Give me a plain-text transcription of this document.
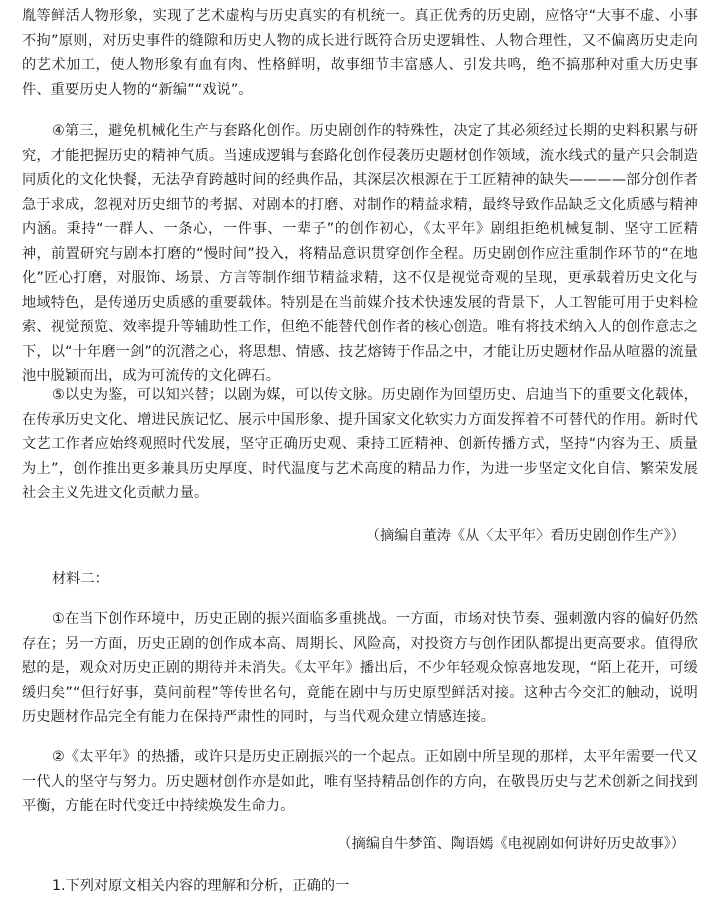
胤等鲜活人物形象，实现了艺术虚构与历史真实的有机统一。真正优秀的历史剧，应恪守“大事不虚、小事不拘”原则，对历史事件的缝隙和历史人物的成长进行既符合历史逻辑性、人物合理性，又不偏离历史走向的艺术加工，使人物形象有血有肉、性格鲜明，故事细节丰富感人、引发共鸣，绝不搞那种对重大历史事件、重要历史人物的“新编”“戏说”。

④第三，避免机械化生产与套路化创作。历史剧创作的特殊性，决定了其必须经过长期的史料积累与研究，才能把握历史的精神气质。当速成逻辑与套路化创作侵袭历史题材创作领域，流水线式的量产只会制造同质化的文化快餐，无法孕育跨越时间的经典作品，其深层次根源在于工匠精神的缺失————部分创作者急于求成，忽视对历史细节的考据、对剧本的打磨、对制作的精益求精，最终导致作品缺乏文化质感与精神内涵。秉持“一群人、一条心，一件事、一辈子”的创作初心，《太平年》剧组拒绝机械复制、坚守工匠精神，前置研究与剧本打磨的“慢时间”投入，将精品意识贯穿创作全程。历史剧创作应注重制作环节的“在地化”匠心打磨，对服饰、场景、方言等制作细节精益求精，这不仅是视觉奇观的呈现，更承载着历史文化与地域特色，是传递历史质感的重要载体。特别是在当前媒介技术快速发展的背景下，人工智能可用于史料检索、视觉预览、效率提升等辅助性工作，但绝不能替代创作者的核心创造。唯有将技术纳入人的创作意志之下，以“十年磨一剑”的沉潜之心，将思想、情感、技艺熔铸于作品之中，才能让历史题材作品从喧嚣的流量池中脱颖而出，成为可流传的文化碑石。

⑤以史为鉴，可以知兴替；以剧为媒，可以传文脉。历史剧作为回望历史、启迪当下的重要文化载体，在传承历史文化、增进民族记忆、展示中国形象、提升国家文化软实力方面发挥着不可替代的作用。新时代文艺工作者应始终观照时代发展，坚守正确历史观、秉持工匠精神、创新传播方式，坚持“内容为王、质量为上”，创作推出更多兼具历史厚度、时代温度与艺术高度的精品力作，为进一步坚定文化自信、繁荣发展社会主义先进文化贡献力量。

（摘编自董涛《从〈太平年〉看历史剧创作生产》）

材料二：

①在当下创作环境中，历史正剧的振兴面临多重挑战。一方面，市场对快节奏、强刺激内容的偏好仍然存在；另一方面，历史正剧的创作成本高、周期长、风险高，对投资方与创作团队都提出更高要求。值得欣慰的是，观众对历史正剧的期待并未消失。《太平年》播出后，不少年轻观众惊喜地发现，“陌上花开，可缓缓归矣”“但行好事，莫问前程”等传世名句，竟能在剧中与历史原型鲜活对接。这种古今交汇的触动，说明历史题材作品完全有能力在保持严肃性的同时，与当代观众建立情感连接。

②《太平年》的热播，或许只是历史正剧振兴的一个起点。正如剧中所呈现的那样，太平年需要一代又一代人的坚守与努力。历史题材创作亦是如此，唯有坚持精品创作的方向，在敬畏历史与艺术创新之间找到平衡，方能在时代变迁中持续焕发生命力。

（摘编自牛梦笛、陶语嫣《电视剧如何讲好历史故事》）

1.下列对原文相关内容的理解和分析，正确的一
